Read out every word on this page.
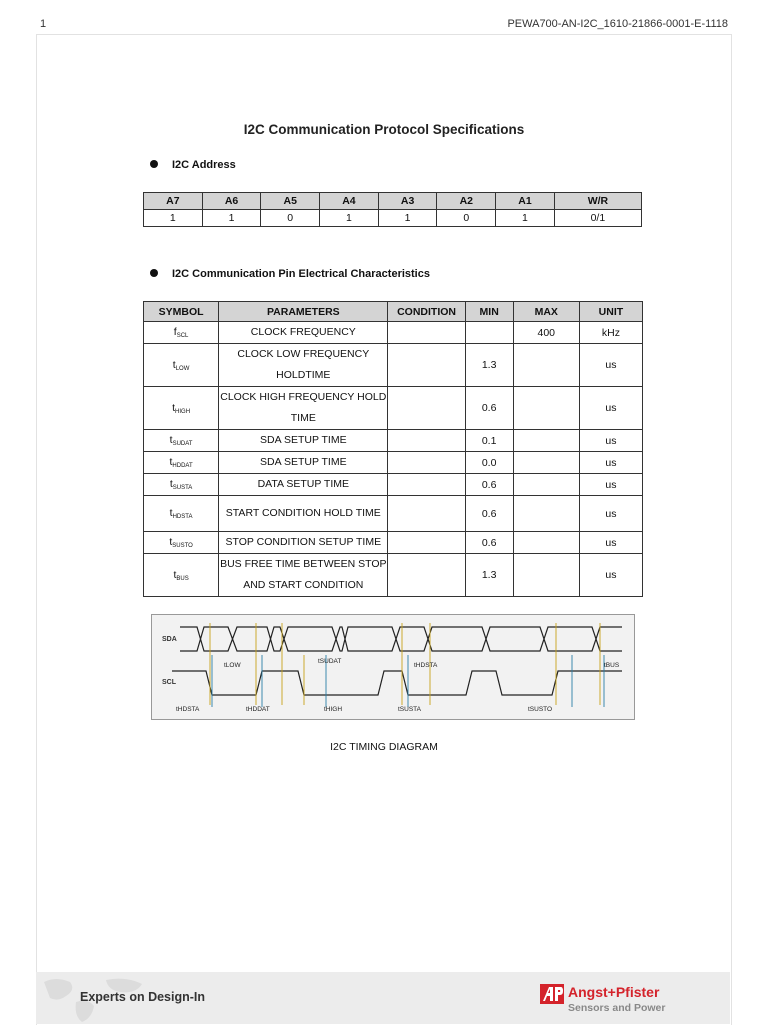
1	PEWA700-AN-I2C_1610-21866-0001-E-1118
I2C Communication Protocol Specifications
I2C Address
A7	A6	A5	A4	A3	A2	A1	W/R
1	1	0	1	1	0	1	0/1
I2C Communication Pin Electrical Characteristics
SYMBOL	PARAMETERS	CONDITION	MIN	MAX	UNIT
$f_{SCL}$	CLOCK FREQUENCY			400	kHz
$t_{LOW}$	CLOCK LOW FREQUENCY HOLDTIME		1.3		us
$t_{HIGH}$	CLOCK HIGH FREQUENCY HOLD TIME		0.6		us
$t_{SUDAT}$	SDA SETUP TIME		0.1		us
$t_{HDDAT}$	SDA SETUP TIME		0.0		us
$t_{SUSTA}$	DATA SETUP TIME		0.6		us
$t_{HDSTA}$	START CONDITION HOLD TIME		0.6		us
$t_{SUSTO}$	STOP CONDITION SETUP TIME		0.6		us
$t_{BUS}$	BUS FREE TIME BETWEEN STOP AND START CONDITION		1.3		us
SDA
SCL
tLOW
tSUDAT
tHDSTA	tBUS
tHDSTA	tHDDAT	tHIGH	tSUSTA	tSUSTO
I2C TIMING DIAGRAM
Experts on Design-In	Angst+Pfister
Sensors and Power
